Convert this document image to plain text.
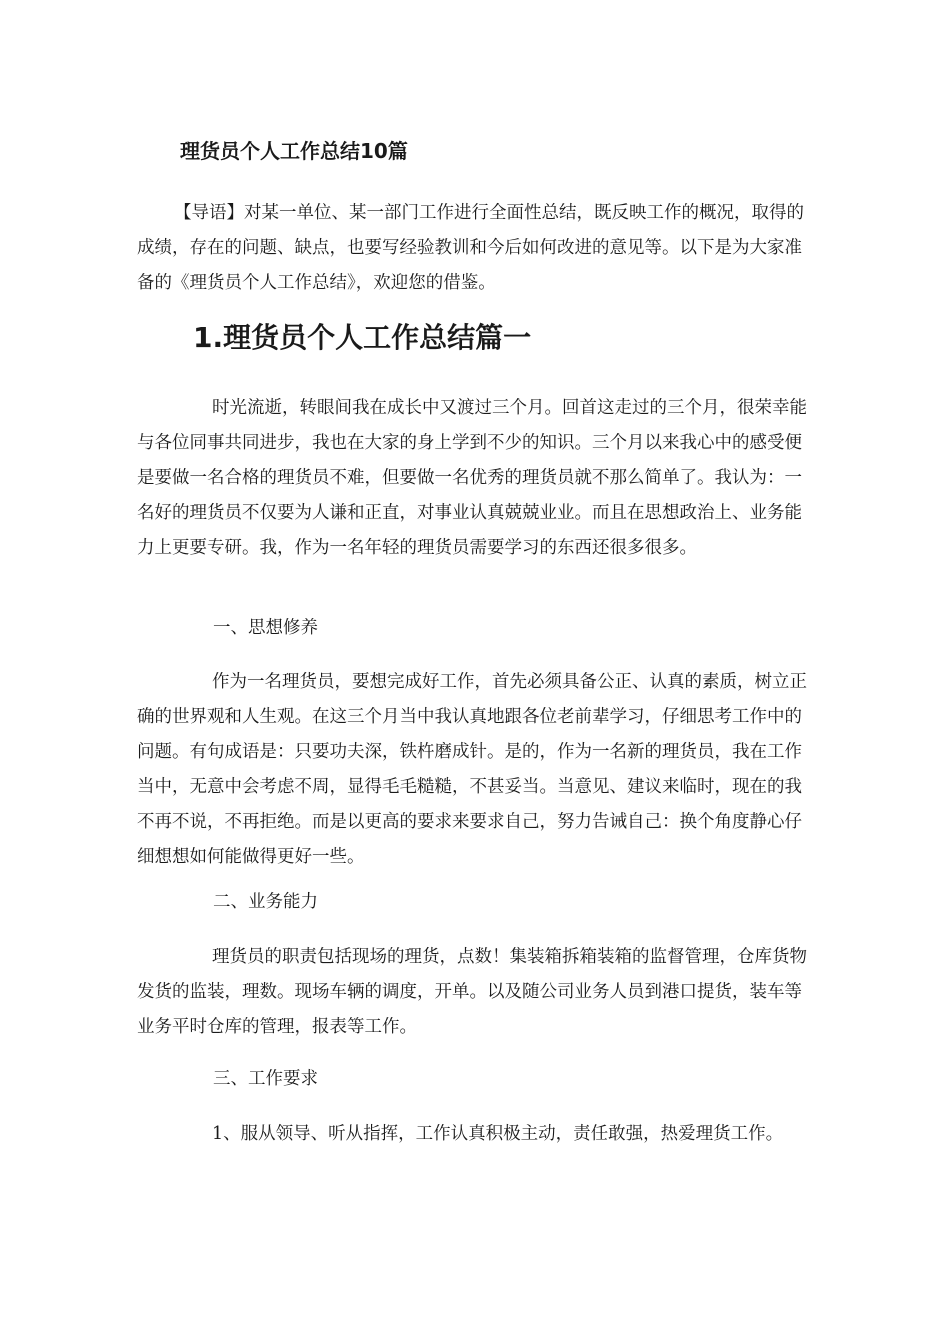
理货员个人工作总结10篇

【导语】对某一单位、某一部门工作进行全面性总结，既反映工作的概况，取得的成绩，存在的问题、缺点，也要写经验教训和今后如何改进的意见等。以下是为大家准备的《理货员个人工作总结》，欢迎您的借鉴。

1.理货员个人工作总结篇一

时光流逝，转眼间我在成长中又渡过三个月。回首这走过的三个月，很荣幸能与各位同事共同进步，我也在大家的身上学到不少的知识。三个月以来我心中的感受便是要做一名合格的理货员不难，但要做一名优秀的理货员就不那么简单了。我认为：一名好的理货员不仅要为人谦和正直，对事业认真兢兢业业。而且在思想政治上、业务能力上更要专研。我，作为一名年轻的理货员需要学习的东西还很多很多。

一、思想修养

作为一名理货员，要想完成好工作，首先必须具备公正、认真的素质，树立正确的世界观和人生观。在这三个月当中我认真地跟各位老前辈学习，仔细思考工作中的问题。有句成语是：只要功夫深，铁杵磨成针。是的，作为一名新的理货员，我在工作当中，无意中会考虑不周，显得毛毛糙糙，不甚妥当。当意见、建议来临时，现在的我不再不说，不再拒绝。而是以更高的要求来要求自己，努力告诫自己：换个角度静心仔细想想如何能做得更好一些。

二、业务能力

理货员的职责包括现场的理货，点数！集装箱拆箱装箱的监督管理，仓库货物发货的监装，理数。现场车辆的调度，开单。以及随公司业务人员到港口提货，装车等业务平时仓库的管理，报表等工作。

三、工作要求

1、服从领导、听从指挥，工作认真积极主动，责任敢强，热爱理货工作。
